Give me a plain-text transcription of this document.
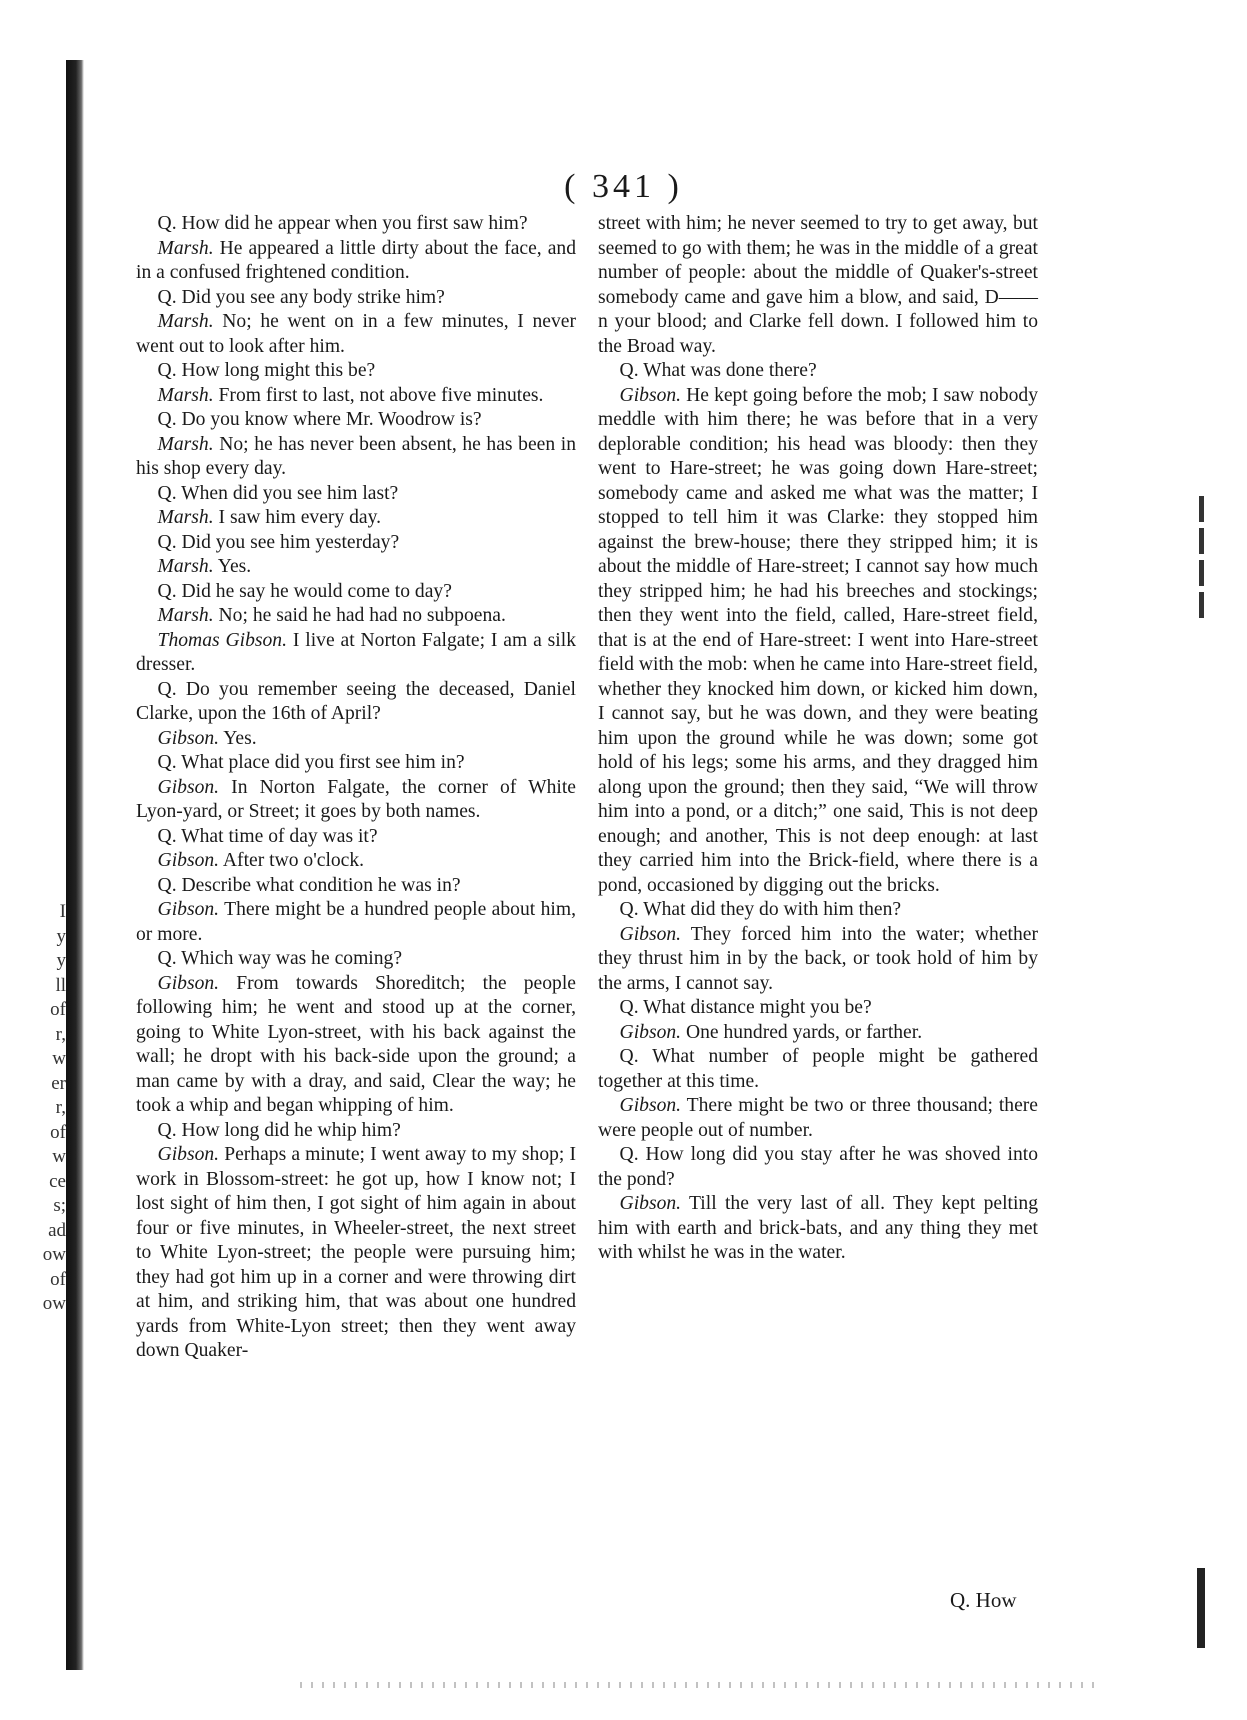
( 341 )

Q. How did he appear when you first saw him?

Marsh. He appeared a little dirty about the face, and in a confused frightened condition.

Q. Did you see any body strike him?

Marsh. No; he went on in a few minutes, I never went out to look after him.

Q. How long might this be?

Marsh. From first to last, not above five minutes.

Q. Do you know where Mr. Woodrow is?

Marsh. No; he has never been absent, he has been in his shop every day.

Q. When did you see him last?

Marsh. I saw him every day.

Q. Did you see him yesterday?

Marsh. Yes.

Q. Did he say he would come to day?

Marsh. No; he said he had had no subpoena.

Thomas Gibson. I live at Norton Falgate; I am a silk dresser.

Q. Do you remember seeing the deceased, Daniel Clarke, upon the 16th of April?

Gibson. Yes.

Q. What place did you first see him in?

Gibson. In Norton Falgate, the corner of White Lyon-yard, or Street; it goes by both names.

Q. What time of day was it?

Gibson. After two o'clock.

Q. Describe what condition he was in?

Gibson. There might be a hundred people about him, or more.

Q. Which way was he coming?

Gibson. From towards Shoreditch; the people following him; he went and stood up at the corner, going to White Lyon-street, with his back against the wall; he dropt with his back-side upon the ground; a man came by with a dray, and said, Clear the way; he took a whip and began whipping of him.

Q. How long did he whip him?

Gibson. Perhaps a minute; I went away to my shop; I work in Blossom-street: he got up, how I know not; I lost sight of him then, I got sight of him again in about four or five minutes, in Wheeler-street, the next street to White Lyon-street; the people were pursuing him; they had got him up in a corner and were throwing dirt at him, and striking him, that was about one hundred yards from White-Lyon street; then they went away down Quaker-

street with him; he never seemed to try to get away, but seemed to go with them; he was in the middle of a great number of people: about the middle of Quaker's-street somebody came and gave him a blow, and said, D——n your blood; and Clarke fell down. I followed him to the Broad way.

Q. What was done there?

Gibson. He kept going before the mob; I saw nobody meddle with him there; he was before that in a very deplorable condition; his head was bloody: then they went to Hare-street; he was going down Hare-street; somebody came and asked me what was the matter; I stopped to tell him it was Clarke: they stopped him against the brew-house; there they stripped him; it is about the middle of Hare-street; I cannot say how much they stripped him; he had his breeches and stockings; then they went into the field, called, Hare-street field, that is at the end of Hare-street: I went into Hare-street field with the mob: when he came into Hare-street field, whether they knocked him down, or kicked him down, I cannot say, but he was down, and they were beating him upon the ground while he was down; some got hold of his legs; some his arms, and they dragged him along upon the ground; then they said, “We will throw him into a pond, or a ditch;” one said, This is not deep enough; and another, This is not deep enough: at last they carried him into the Brick-field, where there is a pond, occasioned by digging out the bricks.

Q. What did they do with him then?

Gibson. They forced him into the water; whether they thrust him in by the back, or took hold of him by the arms, I cannot say.

Q. What distance might you be?

Gibson. One hundred yards, or farther.

Q. What number of people might be gathered together at this time.

Gibson. There might be two or three thousand; there were people out of number.

Q. How long did you stay after he was shoved into the pond?

Gibson. Till the very last of all. They kept pelting him with earth and brick-bats, and any thing they met with whilst he was in the water.

Q. How
I
y
y
ll
of
r,
w
er
r,
of
w
ce
s;
ad
ow
of
ow
